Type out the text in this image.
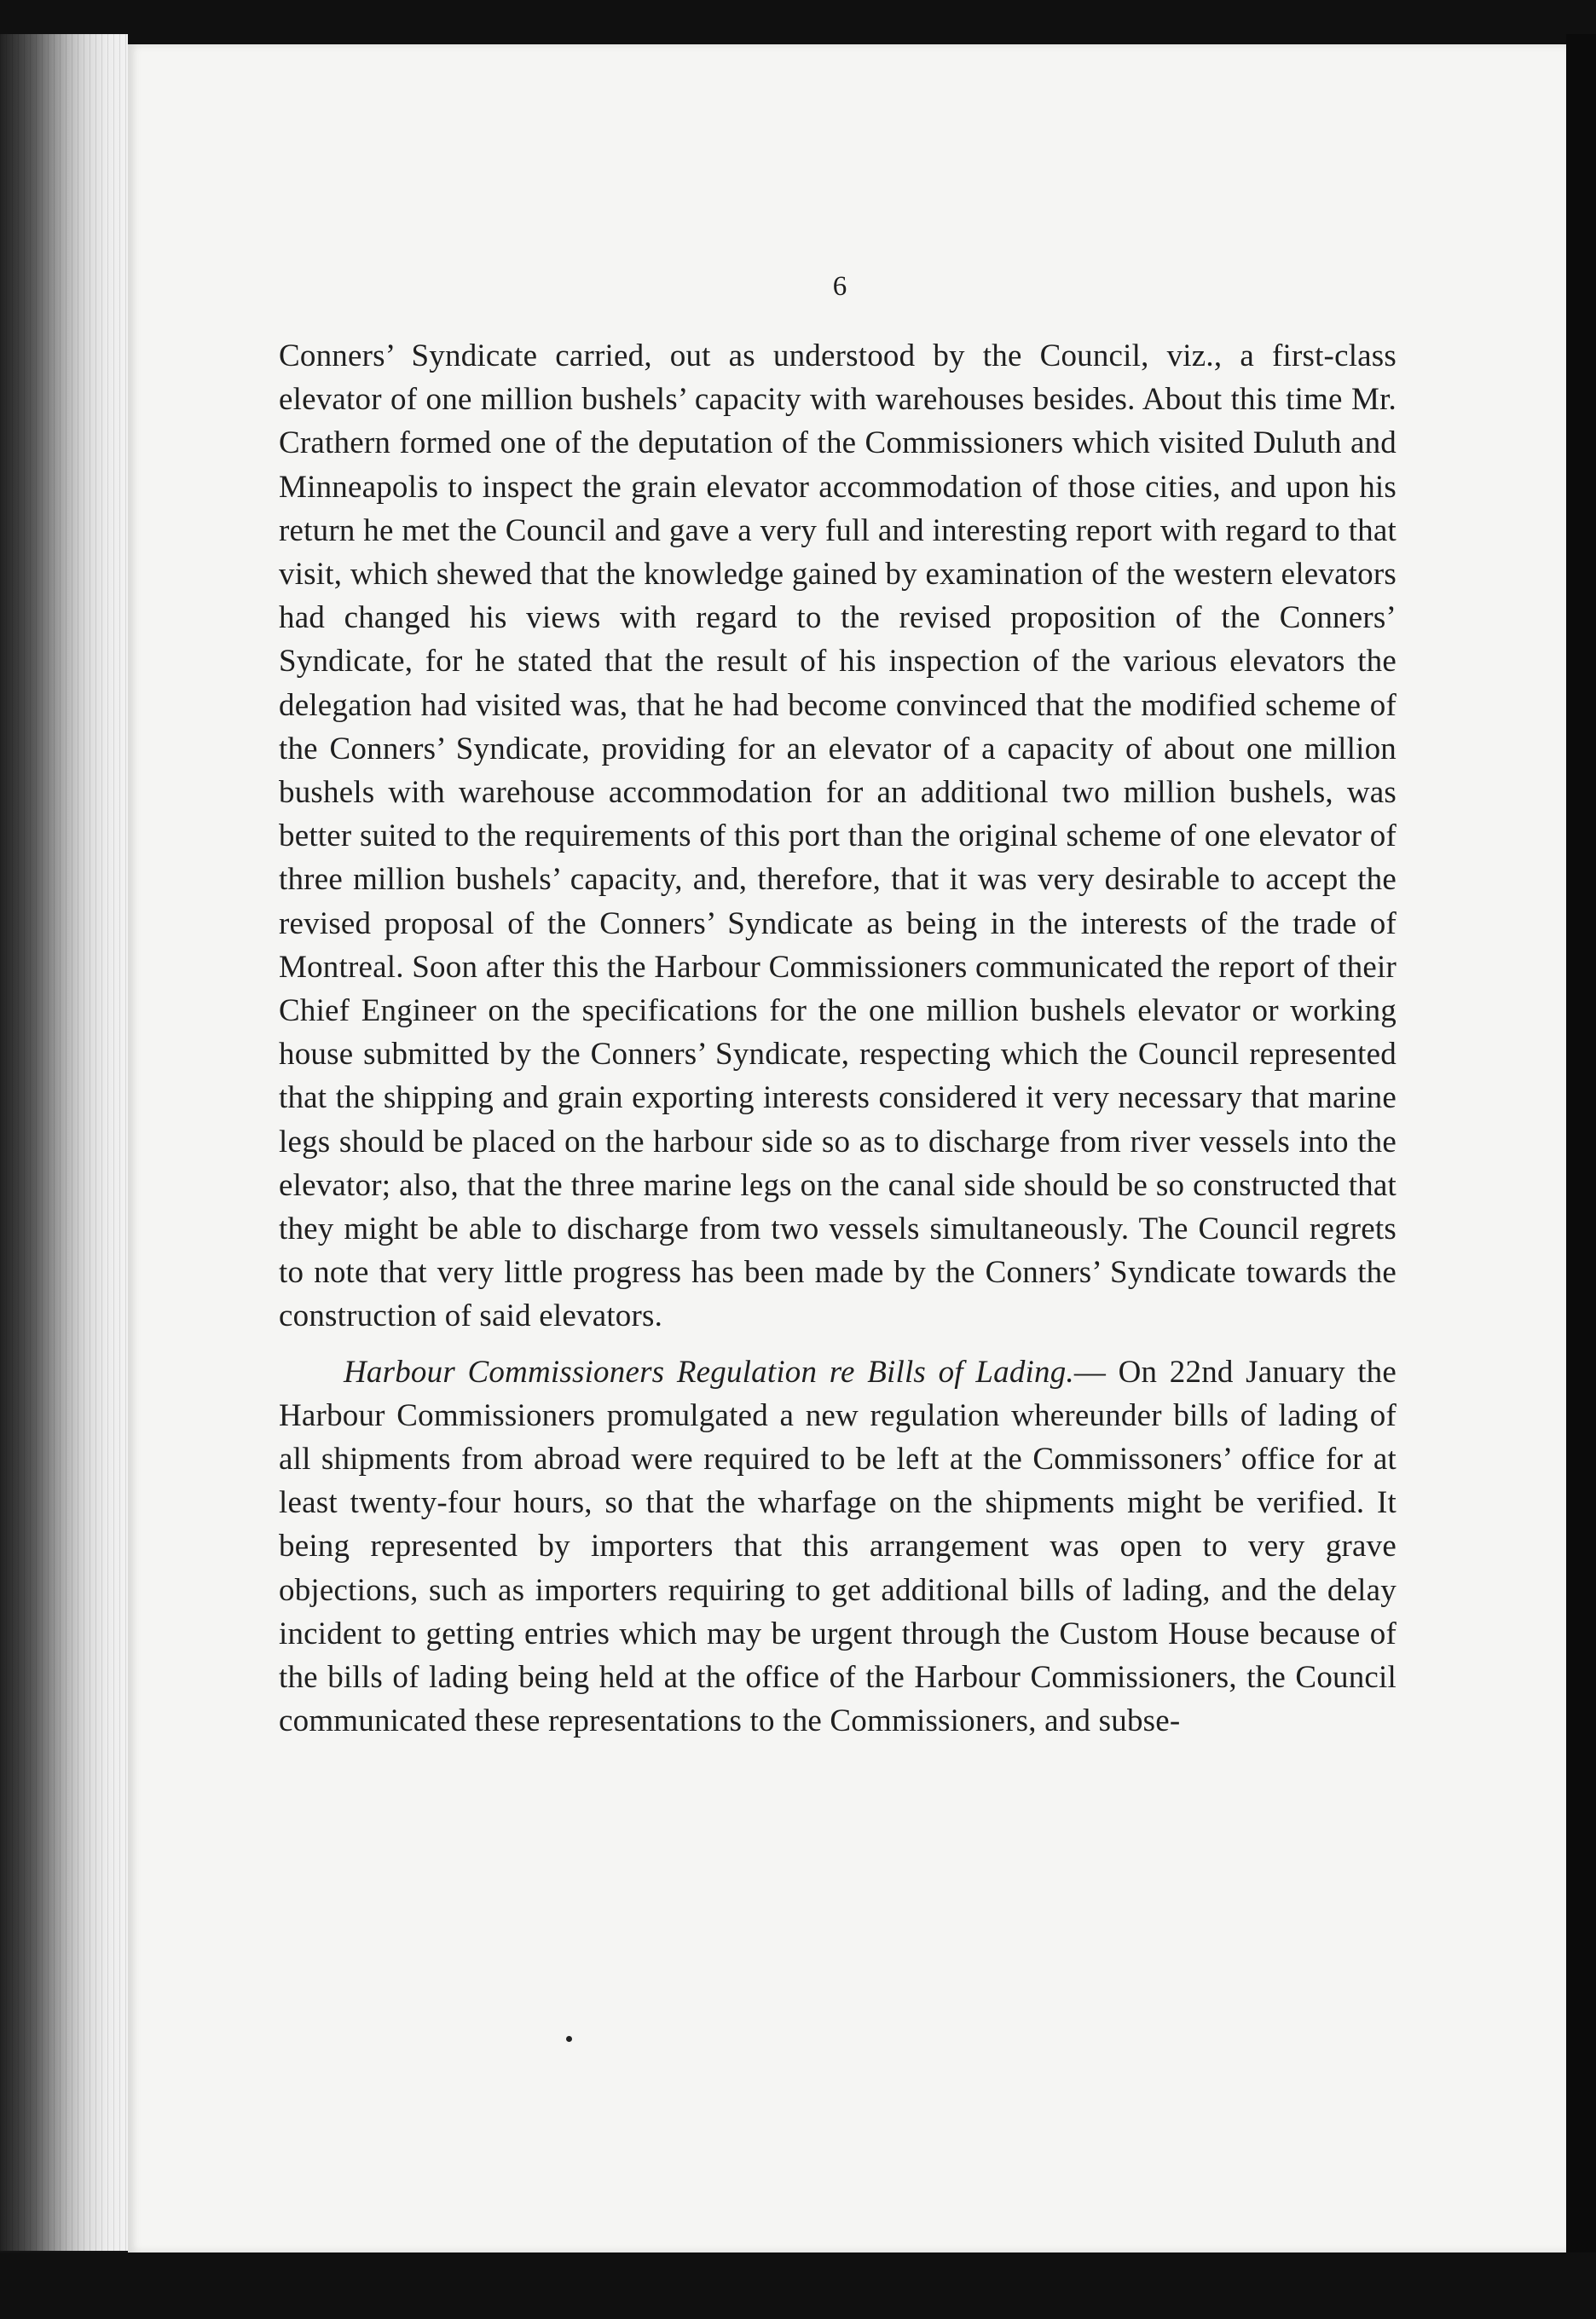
6

Conners’ Syndicate carried, out as understood by the Council, viz., a first-class elevator of one million bushels’ capacity with warehouses besides. About this time Mr. Crathern formed one of the deputation of the Commissioners which visited Duluth and Minneapolis to inspect the grain elevator accommodation of those cities, and upon his return he met the Council and gave a very full and interesting report with regard to that visit, which shewed that the knowledge gained by examination of the western elevators had changed his views with regard to the revised proposition of the Conners’ Syndicate, for he stated that the result of his inspection of the various elevators the delegation had visited was, that he had become convinced that the modified scheme of the Conners’ Syndicate, providing for an elevator of a capacity of about one million bushels with warehouse accommodation for an additional two million bushels, was better suited to the requirements of this port than the original scheme of one elevator of three million bushels’ capacity, and, therefore, that it was very desirable to accept the revised proposal of the Conners’ Syndicate as being in the interests of the trade of Montreal. Soon after this the Harbour Commissioners communicated the report of their Chief Engineer on the specifications for the one million bushels elevator or working house submitted by the Conners’ Syndicate, respecting which the Council represented that the shipping and grain exporting interests considered it very necessary that marine legs should be placed on the harbour side so as to discharge from river vessels into the elevator; also, that the three marine legs on the canal side should be so constructed that they might be able to discharge from two vessels simultaneously. The Council regrets to note that very little progress has been made by the Conners’ Syndicate towards the construction of said elevators.

Harbour Commissioners Regulation re Bills of Lading.— On 22nd January the Harbour Commissioners promulgated a new regulation whereunder bills of lading of all shipments from abroad were required to be left at the Commissoners’ office for at least twenty-four hours, so that the wharfage on the shipments might be verified. It being represented by importers that this arrangement was open to very grave objections, such as importers requiring to get additional bills of lading, and the delay incident to getting entries which may be urgent through the Custom House because of the bills of lading being held at the office of the Harbour Commissioners, the Council communicated these representations to the Commissioners, and subse-
